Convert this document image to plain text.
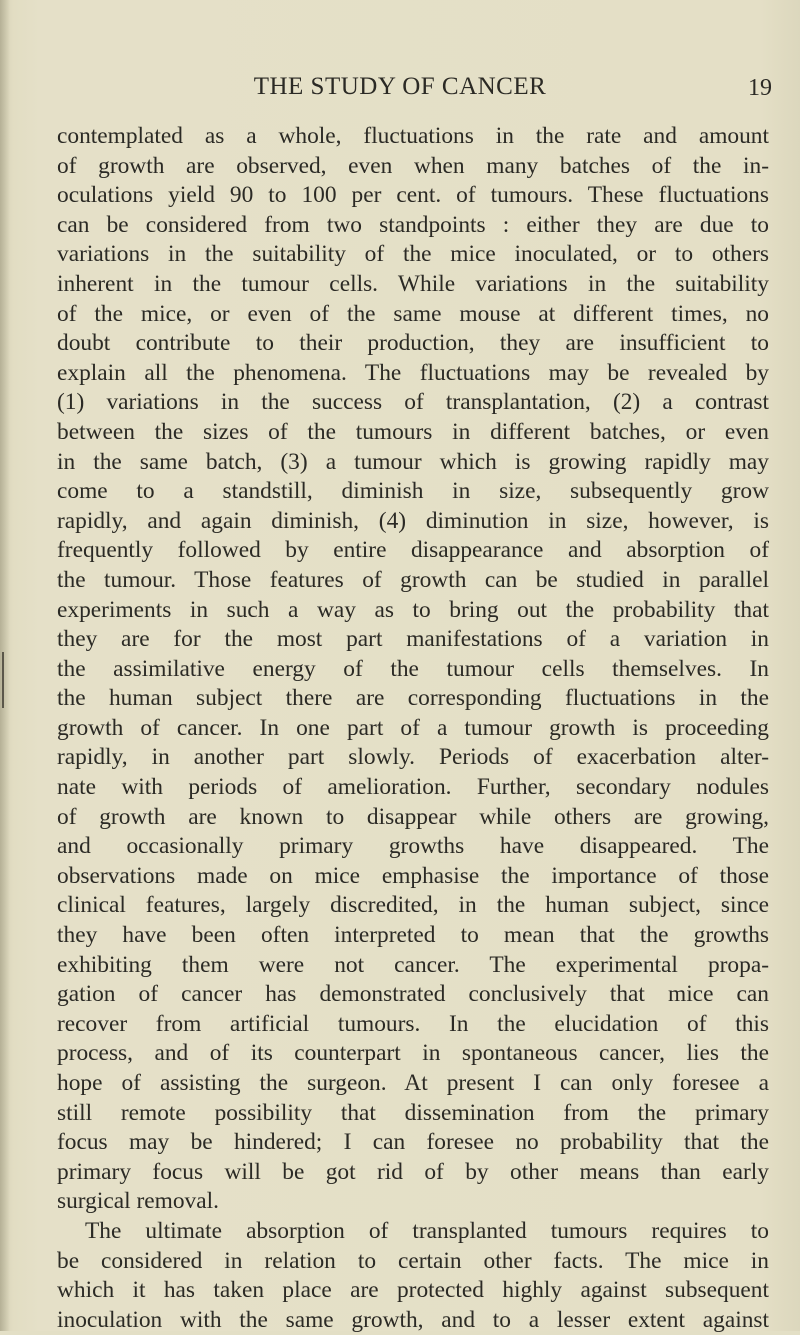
THE STUDY OF CANCER	19
contemplated as a whole, fluctuations in the rate and amount
of growth are observed, even when many batches of the in-
oculations yield 90 to 100 per cent. of tumours. These fluctuations
can be considered from two standpoints : either they are due to
variations in the suitability of the mice inoculated, or to others
inherent in the tumour cells. While variations in the suitability
of the mice, or even of the same mouse at different times, no
doubt contribute to their production, they are insufficient to
explain all the phenomena. The fluctuations may be revealed by
(1) variations in the success of transplantation, (2) a contrast
between the sizes of the tumours in different batches, or even
in the same batch, (3) a tumour which is growing rapidly may
come to a standstill, diminish in size, subsequently grow
rapidly, and again diminish, (4) diminution in size, however, is
frequently followed by entire disappearance and absorption of
the tumour. Those features of growth can be studied in parallel
experiments in such a way as to bring out the probability that
they are for the most part manifestations of a variation in
the assimilative energy of the tumour cells themselves. In
the human subject there are corresponding fluctuations in the
growth of cancer. In one part of a tumour growth is proceeding
rapidly, in another part slowly. Periods of exacerbation alter-
nate with periods of amelioration. Further, secondary nodules
of growth are known to disappear while others are growing,
and occasionally primary growths have disappeared. The
observations made on mice emphasise the importance of those
clinical features, largely discredited, in the human subject, since
they have been often interpreted to mean that the growths
exhibiting them were not cancer. The experimental propa-
gation of cancer has demonstrated conclusively that mice can
recover from artificial tumours. In the elucidation of this
process, and of its counterpart in spontaneous cancer, lies the
hope of assisting the surgeon. At present I can only foresee a
still remote possibility that dissemination from the primary
focus may be hindered; I can foresee no probability that the
primary focus will be got rid of by other means than early
surgical removal.
The ultimate absorption of transplanted tumours requires to
be considered in relation to certain other facts. The mice in
which it has taken place are protected highly against subsequent
inoculation with the same growth, and to a lesser extent against
